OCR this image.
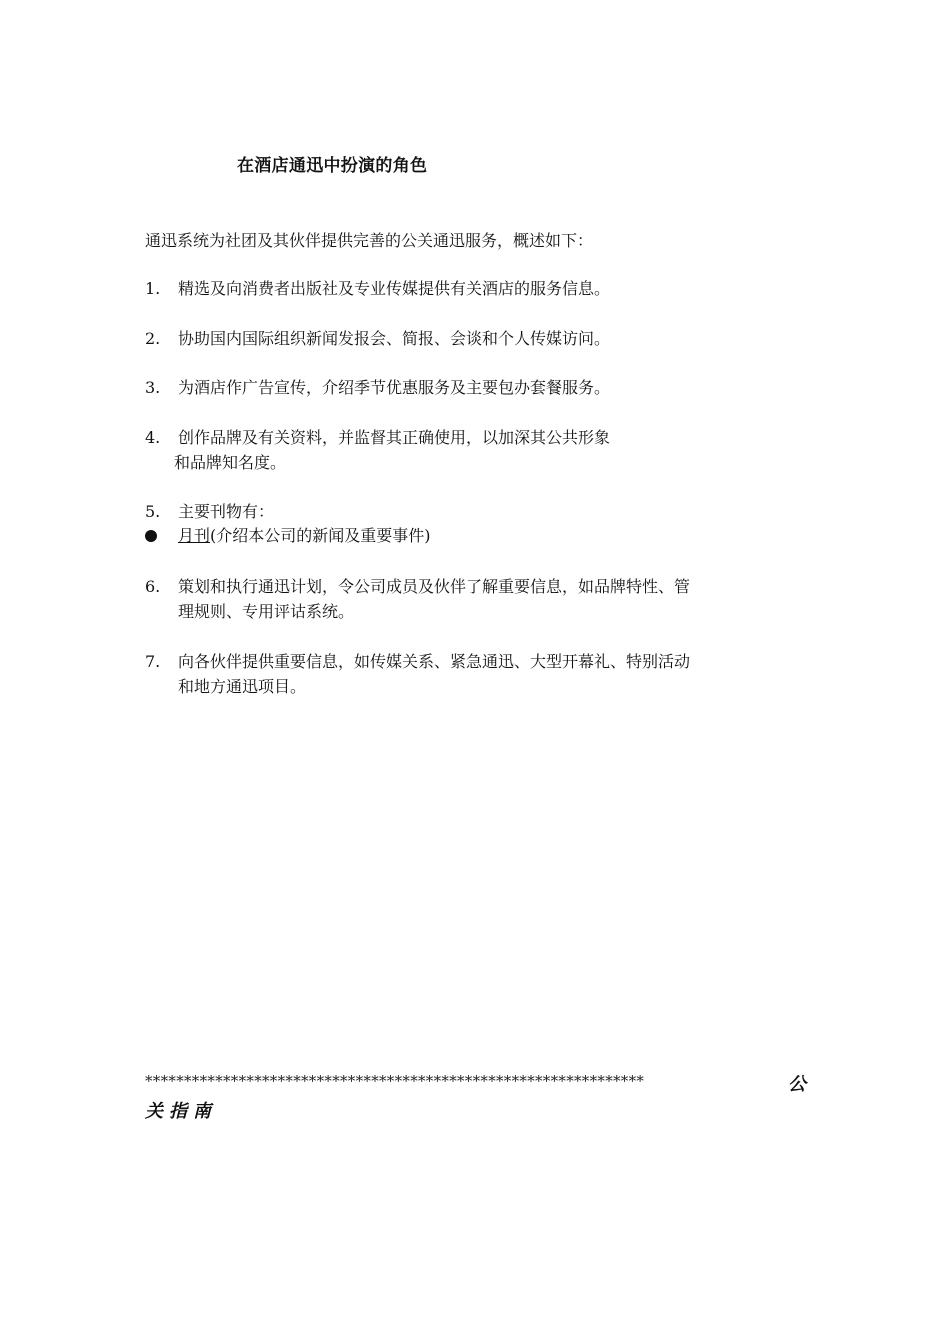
在酒店通迅中扮演的角色
通迅系统为社团及其伙伴提供完善的公关通迅服务，概述如下：
1.	精选及向消费者出版社及专业传媒提供有关酒店的服务信息。
2.	协助国内国际组织新闻发报会、简报、会谈和个人传媒访问。
3.	为酒店作广告宣传，介绍季节优惠服务及主要包办套餐服务。
4.	创作品牌及有关资料，并监督其正确使用，以加深其公共形象
和品牌知名度。
5.	主要刊物有：
月刊(介绍本公司的新闻及重要事件)
6.	策划和执行通迅计划，令公司成员及伙伴了解重要信息，如品牌特性、管
理规则、专用评诂系统。
7.	向各伙伴提供重要信息，如传媒关系、紧急通迅、大型开幕礼、特别活动
和地方通迅项目。
****************************************************************	公
关指南
